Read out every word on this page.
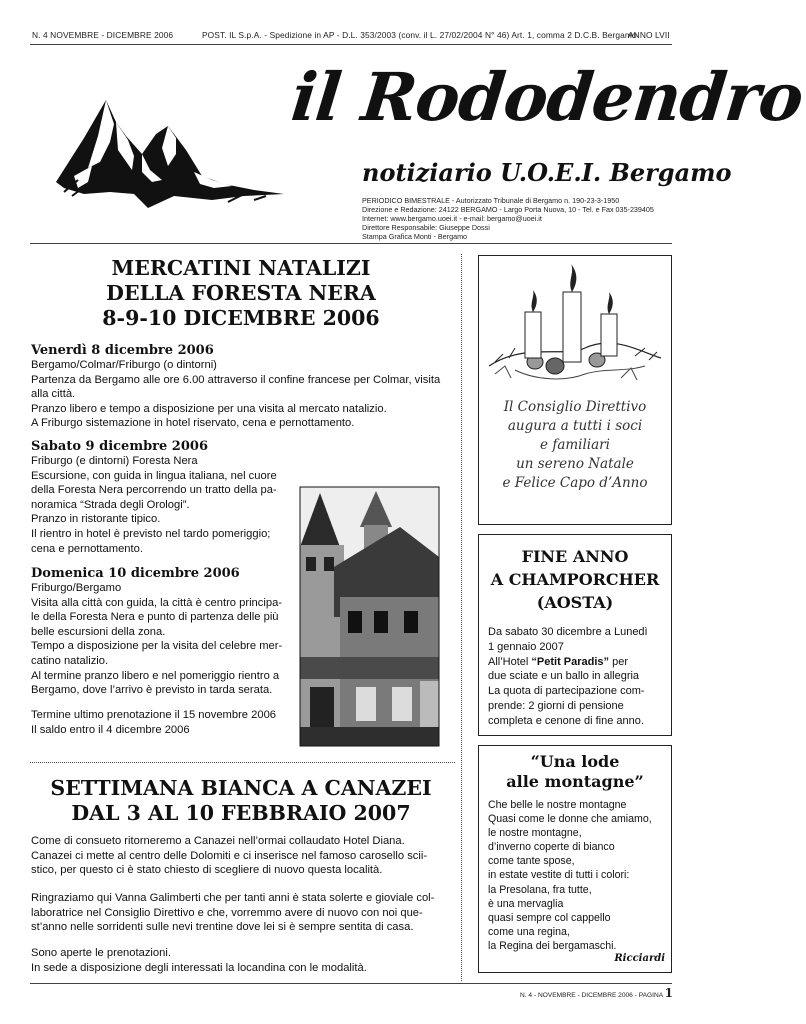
N. 4 NOVEMBRE - DICEMBRE 2006	POST. IL S.p.A. - Spedizione in AP - D.L. 353/2003 (conv. il L. 27/02/2004 N° 46) Art. 1, comma 2 D.C.B. Bergamo
ANNO LVII
il Rododendro
notiziario U.O.E.I. Bergamo
PERIODICO BIMESTRALE - Autorizzato Tribunale di Bergamo n. 190-23-3-1950
Direzione e Redazione: 24122 BERGAMO - Largo Porta Nuova, 10 - Tel. e Fax 035-239405
Internet: www.bergamo.uoei.it - e-mail: bergamo@uoei.it
Direttore Responsabile: Giuseppe Dossi
Stampa Grafica Monti - Bergamo
MERCATINI NATALIZI
DELLA FORESTA NERA
8-9-10 DICEMBRE 2006
Venerdì 8 dicembre 2006
Bergamo/Colmar/Friburgo (o dintorni)
Partenza da Bergamo alle ore 6.00 attraverso il confine francese per Colmar, visita
alla città.
Pranzo libero e tempo a disposizione per una visita al mercato natalizio.
A Friburgo sistemazione in hotel riservato, cena e pernottamento.
Sabato 9 dicembre 2006
Friburgo (e dintorni) Foresta Nera
Escursione, con guida in lingua italiana, nel cuore
della Foresta Nera percorrendo un tratto della pa-
noramica “Strada degli Orologi”.
Pranzo in ristorante tipico.
Il rientro in hotel è previsto nel tardo pomeriggio;
cena e pernottamento.
Domenica 10 dicembre 2006
Friburgo/Bergamo
Visita alla città con guida, la città è centro principa-
le della Foresta Nera e punto di partenza delle più
belle escursioni della zona.
Tempo a disposizione per la visita del celebre mer-
catino natalizio.
Al termine pranzo libero e nel pomeriggio rientro a
Bergamo, dove l’arrivo è previsto in tarda serata.
Termine ultimo prenotazione il 15 novembre 2006
Il saldo entro il 4 dicembre 2006
SETTIMANA BIANCA A CANAZEI
DAL 3 AL 10 FEBBRAIO 2007
Come di consueto ritorneremo a Canazei nell’ormai collaudato Hotel Diana.
Canazei ci mette al centro delle Dolomiti e ci inserisce nel famoso carosello scii-
stico, per questo ci è stato chiesto di scegliere di nuovo questa località.
Ringraziamo qui Vanna Galimberti che per tanti anni è stata solerte e gioviale col-
laboratrice nel Consiglio Direttivo e che, vorremmo avere di nuovo con noi que-
st’anno nelle sorridenti sulle nevi trentine dove lei si è sempre sentita di casa.
Sono aperte le prenotazioni.
In sede a disposizione degli interessati la locandina con le modalità.
Il Consiglio Direttivo
augura a tutti i soci
e familiari
un sereno Natale
e Felice Capo d’Anno
FINE ANNO
A CHAMPORCHER
(AOSTA)
Da sabato 30 dicembre a Lunedì
1 gennaio 2007
All’Hotel “Petit Paradis” per
due sciate e un ballo in allegria
La quota di partecipazione com-
prende: 2 giorni di pensione
completa e cenone di fine anno.
“Una lode
alle montagne”
Che belle le nostre montagne
Quasi come le donne che amiamo,
le nostre montagne,
d’inverno coperte di bianco
come tante spose,
in estate vestite di tutti i colori:
la Presolana, fra tutte,
è una mervaglia
quasi sempre col cappello
come una regina,
la Regina dei bergamaschi.
Ricciardi
N. 4 - NOVEMBRE - DICEMBRE 2006 - PAGINA 1
